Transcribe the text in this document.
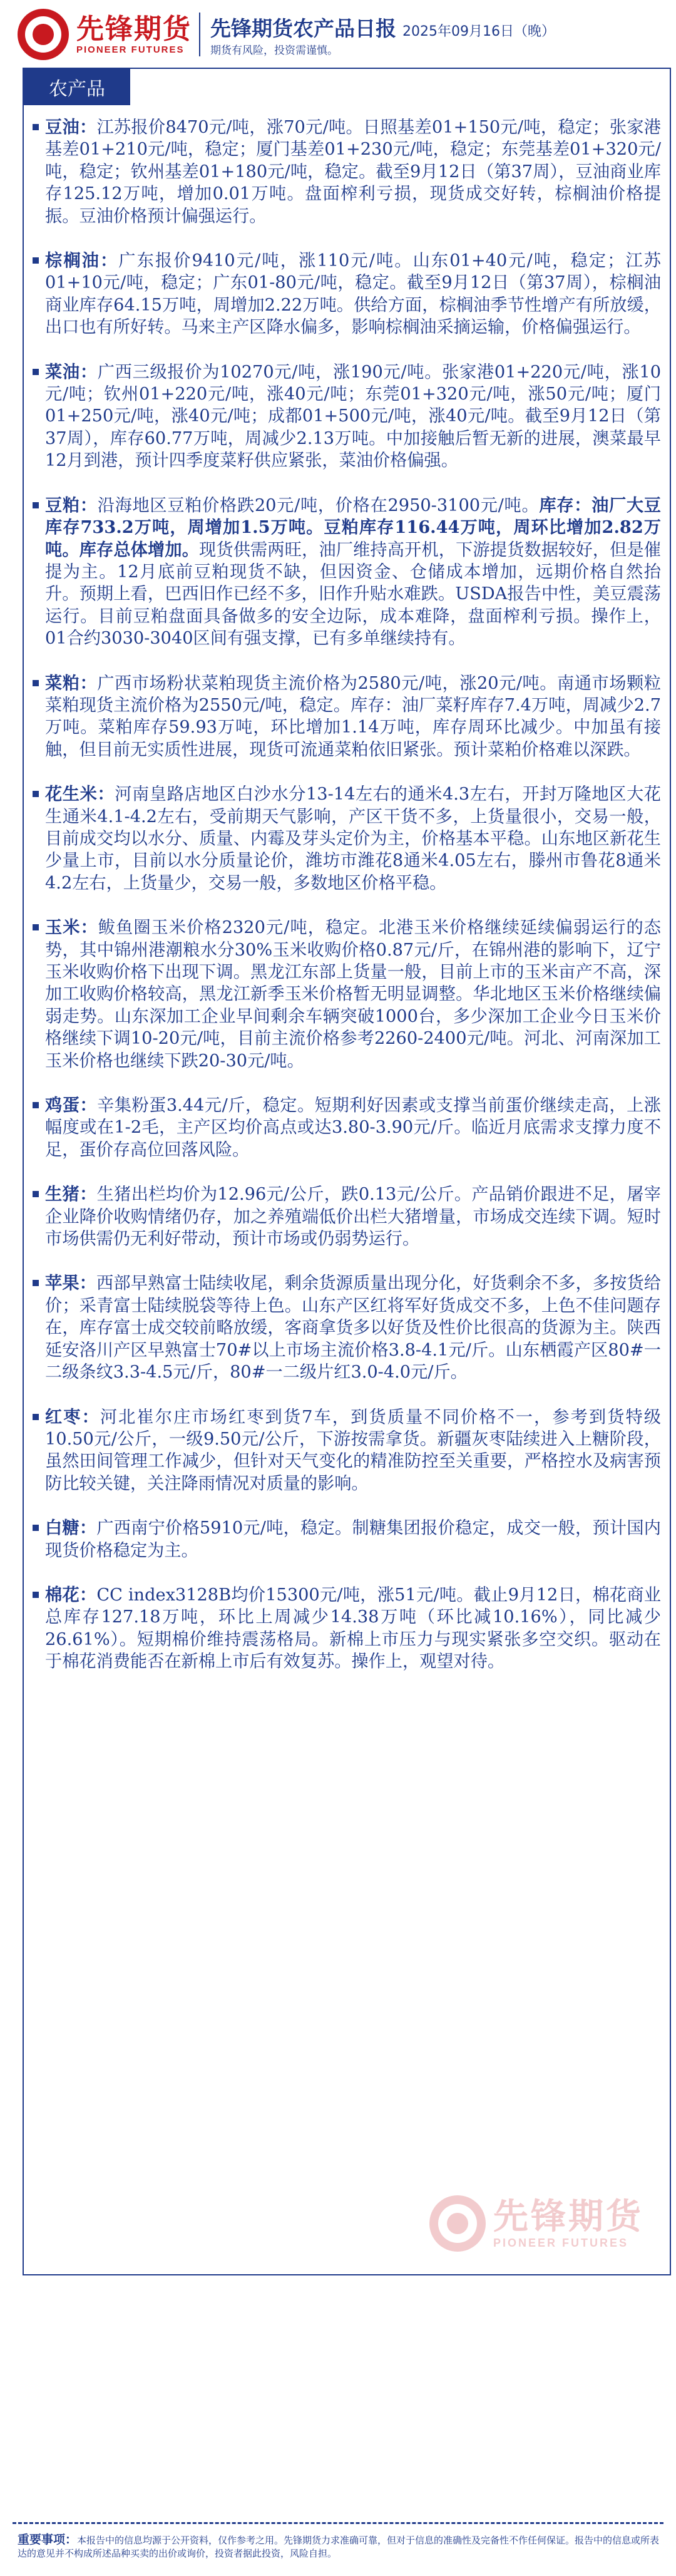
先锋期货
PIONEER FUTURES
先锋期货农产品日报 2025年09月16日（晚）
期货有风险，投资需谨慎。
农产品

豆油：江苏报价8470元/吨，涨70元/吨。日照基差01+150元/吨，稳定；张家港基差01+210元/吨，稳定；厦门基差01+230元/吨，稳定；东莞基差01+320元/吨，稳定；钦州基差01+180元/吨，稳定。截至9月12日（第37周），豆油商业库存125.12万吨，增加0.01万吨。盘面榨利亏损，现货成交好转，棕榈油价格提振。豆油价格预计偏强运行。

棕榈油：广东报价9410元/吨，涨110元/吨。山东01+40元/吨，稳定；江苏01+10元/吨，稳定；广东01-80元/吨，稳定。截至9月12日（第37周），棕榈油商业库存64.15万吨，周增加2.22万吨。供给方面，棕榈油季节性增产有所放缓，出口也有所好转。马来主产区降水偏多，影响棕榈油采摘运输，价格偏强运行。

菜油：广西三级报价为10270元/吨，涨190元/吨。张家港01+220元/吨，涨10元/吨；钦州01+220元/吨，涨40元/吨；东莞01+320元/吨，涨50元/吨；厦门01+250元/吨，涨40元/吨；成都01+500元/吨，涨40元/吨。截至9月12日（第37周），库存60.77万吨，周减少2.13万吨。中加接触后暂无新的进展，澳菜最早12月到港，预计四季度菜籽供应紧张，菜油价格偏强。

豆粕：沿海地区豆粕价格跌20元/吨，价格在2950-3100元/吨。库存：油厂大豆库存733.2万吨，周增加1.5万吨。豆粕库存116.44万吨，周环比增加2.82万吨。库存总体增加。现货供需两旺，油厂维持高开机，下游提货数据较好，但是催提为主。12月底前豆粕现货不缺，但因资金、仓储成本增加，远期价格自然抬升。预期上看，巴西旧作已经不多，旧作升贴水难跌。USDA报告中性，美豆震荡运行。目前豆粕盘面具备做多的安全边际，成本难降，盘面榨利亏损。操作上，01合约3030-3040区间有强支撑，已有多单继续持有。

菜粕：广西市场粉状菜粕现货主流价格为2580元/吨，涨20元/吨。南通市场颗粒菜粕现货主流价格为2550元/吨，稳定。库存：油厂菜籽库存7.4万吨，周减少2.7万吨。菜粕库存59.93万吨，环比增加1.14万吨，库存周环比减少。中加虽有接触，但目前无实质性进展，现货可流通菜粕依旧紧张。预计菜粕价格难以深跌。

花生米：河南皇路店地区白沙水分13-14左右的通米4.3左右，开封万隆地区大花生通米4.1-4.2左右，受前期天气影响，产区干货不多，上货量很小，交易一般，目前成交均以水分、质量、内霉及芽头定价为主，价格基本平稳。山东地区新花生少量上市，目前以水分质量论价，潍坊市潍花8通米4.05左右，滕州市鲁花8通米4.2左右，上货量少，交易一般，多数地区价格平稳。

玉米：鲅鱼圈玉米价格2320元/吨，稳定。北港玉米价格继续延续偏弱运行的态势，其中锦州港潮粮水分30%玉米收购价格0.87元/斤，在锦州港的影响下，辽宁玉米收购价格下出现下调。黑龙江东部上货量一般，目前上市的玉米亩产不高，深加工收购价格较高，黑龙江新季玉米价格暂无明显调整。华北地区玉米价格继续偏弱走势。山东深加工企业早间剩余车辆突破1000台，多少深加工企业今日玉米价格继续下调10-20元/吨，目前主流价格参考2260-2400元/吨。河北、河南深加工玉米价格也继续下跌20-30元/吨。

鸡蛋：辛集粉蛋3.44元/斤，稳定。短期利好因素或支撑当前蛋价继续走高，上涨幅度或在1-2毛，主产区均价高点或达3.80-3.90元/斤。临近月底需求支撑力度不足，蛋价存高位回落风险。

生猪：生猪出栏均价为12.96元/公斤，跌0.13元/公斤。产品销价跟进不足，屠宰企业降价收购情绪仍存，加之养殖端低价出栏大猪增量，市场成交连续下调。短时市场供需仍无利好带动，预计市场或仍弱势运行。

苹果：西部早熟富士陆续收尾，剩余货源质量出现分化，好货剩余不多，多按货给价；采青富士陆续脱袋等待上色。山东产区红将军好货成交不多，上色不佳问题存在，库存富士成交较前略放缓，客商拿货多以好货及性价比很高的货源为主。陕西延安洛川产区早熟富士70#以上市场主流价格3.8-4.1元/斤。山东栖霞产区80#一二级条纹3.3-4.5元/斤，80#一二级片红3.0-4.0元/斤。

红枣：河北崔尔庄市场红枣到货7车，到货质量不同价格不一，参考到货特级10.50元/公斤，一级9.50元/公斤，下游按需拿货。新疆灰枣陆续进入上糖阶段，虽然田间管理工作减少，但针对天气变化的精准防控至关重要，严格控水及病害预防比较关键，关注降雨情况对质量的影响。

白糖：广西南宁价格5910元/吨，稳定。制糖集团报价稳定，成交一般，预计国内现货价格稳定为主。

棉花：CC index3128B均价15300元/吨，涨51元/吨。截止9月12日，棉花商业总库存127.18万吨，环比上周减少14.38万吨（环比减10.16%），同比减少26.61%）。短期棉价维持震荡格局。新棉上市压力与现实紧张多空交织。驱动在于棉花消费能否在新棉上市后有效复苏。操作上，观望对待。

先锋期货
PIONEER FUTURES
重要事项：本报告中的信息均源于公开资料，仅作参考之用。先锋期货力求准确可靠，但对于信息的准确性及完备性不作任何保证。报告中的信息或所表达的意见并不构成所述品种买卖的出价或询价，投资者据此投资，风险自担。
